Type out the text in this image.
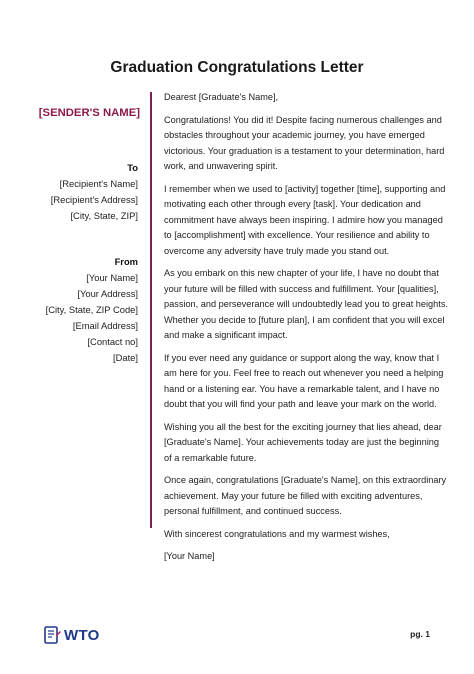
Graduation Congratulations Letter
[SENDER'S NAME]
To
[Recipient's Name]
[Recipient's Address]
[City, State, ZIP]
From
[Your Name]
[Your Address]
[City, State, ZIP Code]
[Email Address]
[Contact no]
[Date]

Dearest [Graduate's Name],

Congratulations! You did it! Despite facing numerous challenges and obstacles throughout your academic journey, you have emerged victorious. Your graduation is a testament to your determination, hard work, and unwavering spirit.

I remember when we used to [activity] together [time], supporting and motivating each other through every [task]. Your dedication and commitment have always been inspiring. I admire how you managed to [accomplishment] with excellence. Your resilience and ability to overcome any adversity have truly made you stand out.

As you embark on this new chapter of your life, I have no doubt that your future will be filled with success and fulfillment. Your [qualities], passion, and perseverance will undoubtedly lead you to great heights. Whether you decide to [future plan], I am confident that you will excel and make a significant impact.

If you ever need any guidance or support along the way, know that I am here for you. Feel free to reach out whenever you need a helping hand or a listening ear. You have a remarkable talent, and I have no doubt that you will find your path and leave your mark on the world.

Wishing you all the best for the exciting journey that lies ahead, dear [Graduate's Name]. Your achievements today are just the beginning of a remarkable future.

Once again, congratulations [Graduate's Name], on this extraordinary achievement. May your future be filled with exciting adventures, personal fulfillment, and continued success.

With sincerest congratulations and my warmest wishes,

[Your Name]

WTO	pg. 1
